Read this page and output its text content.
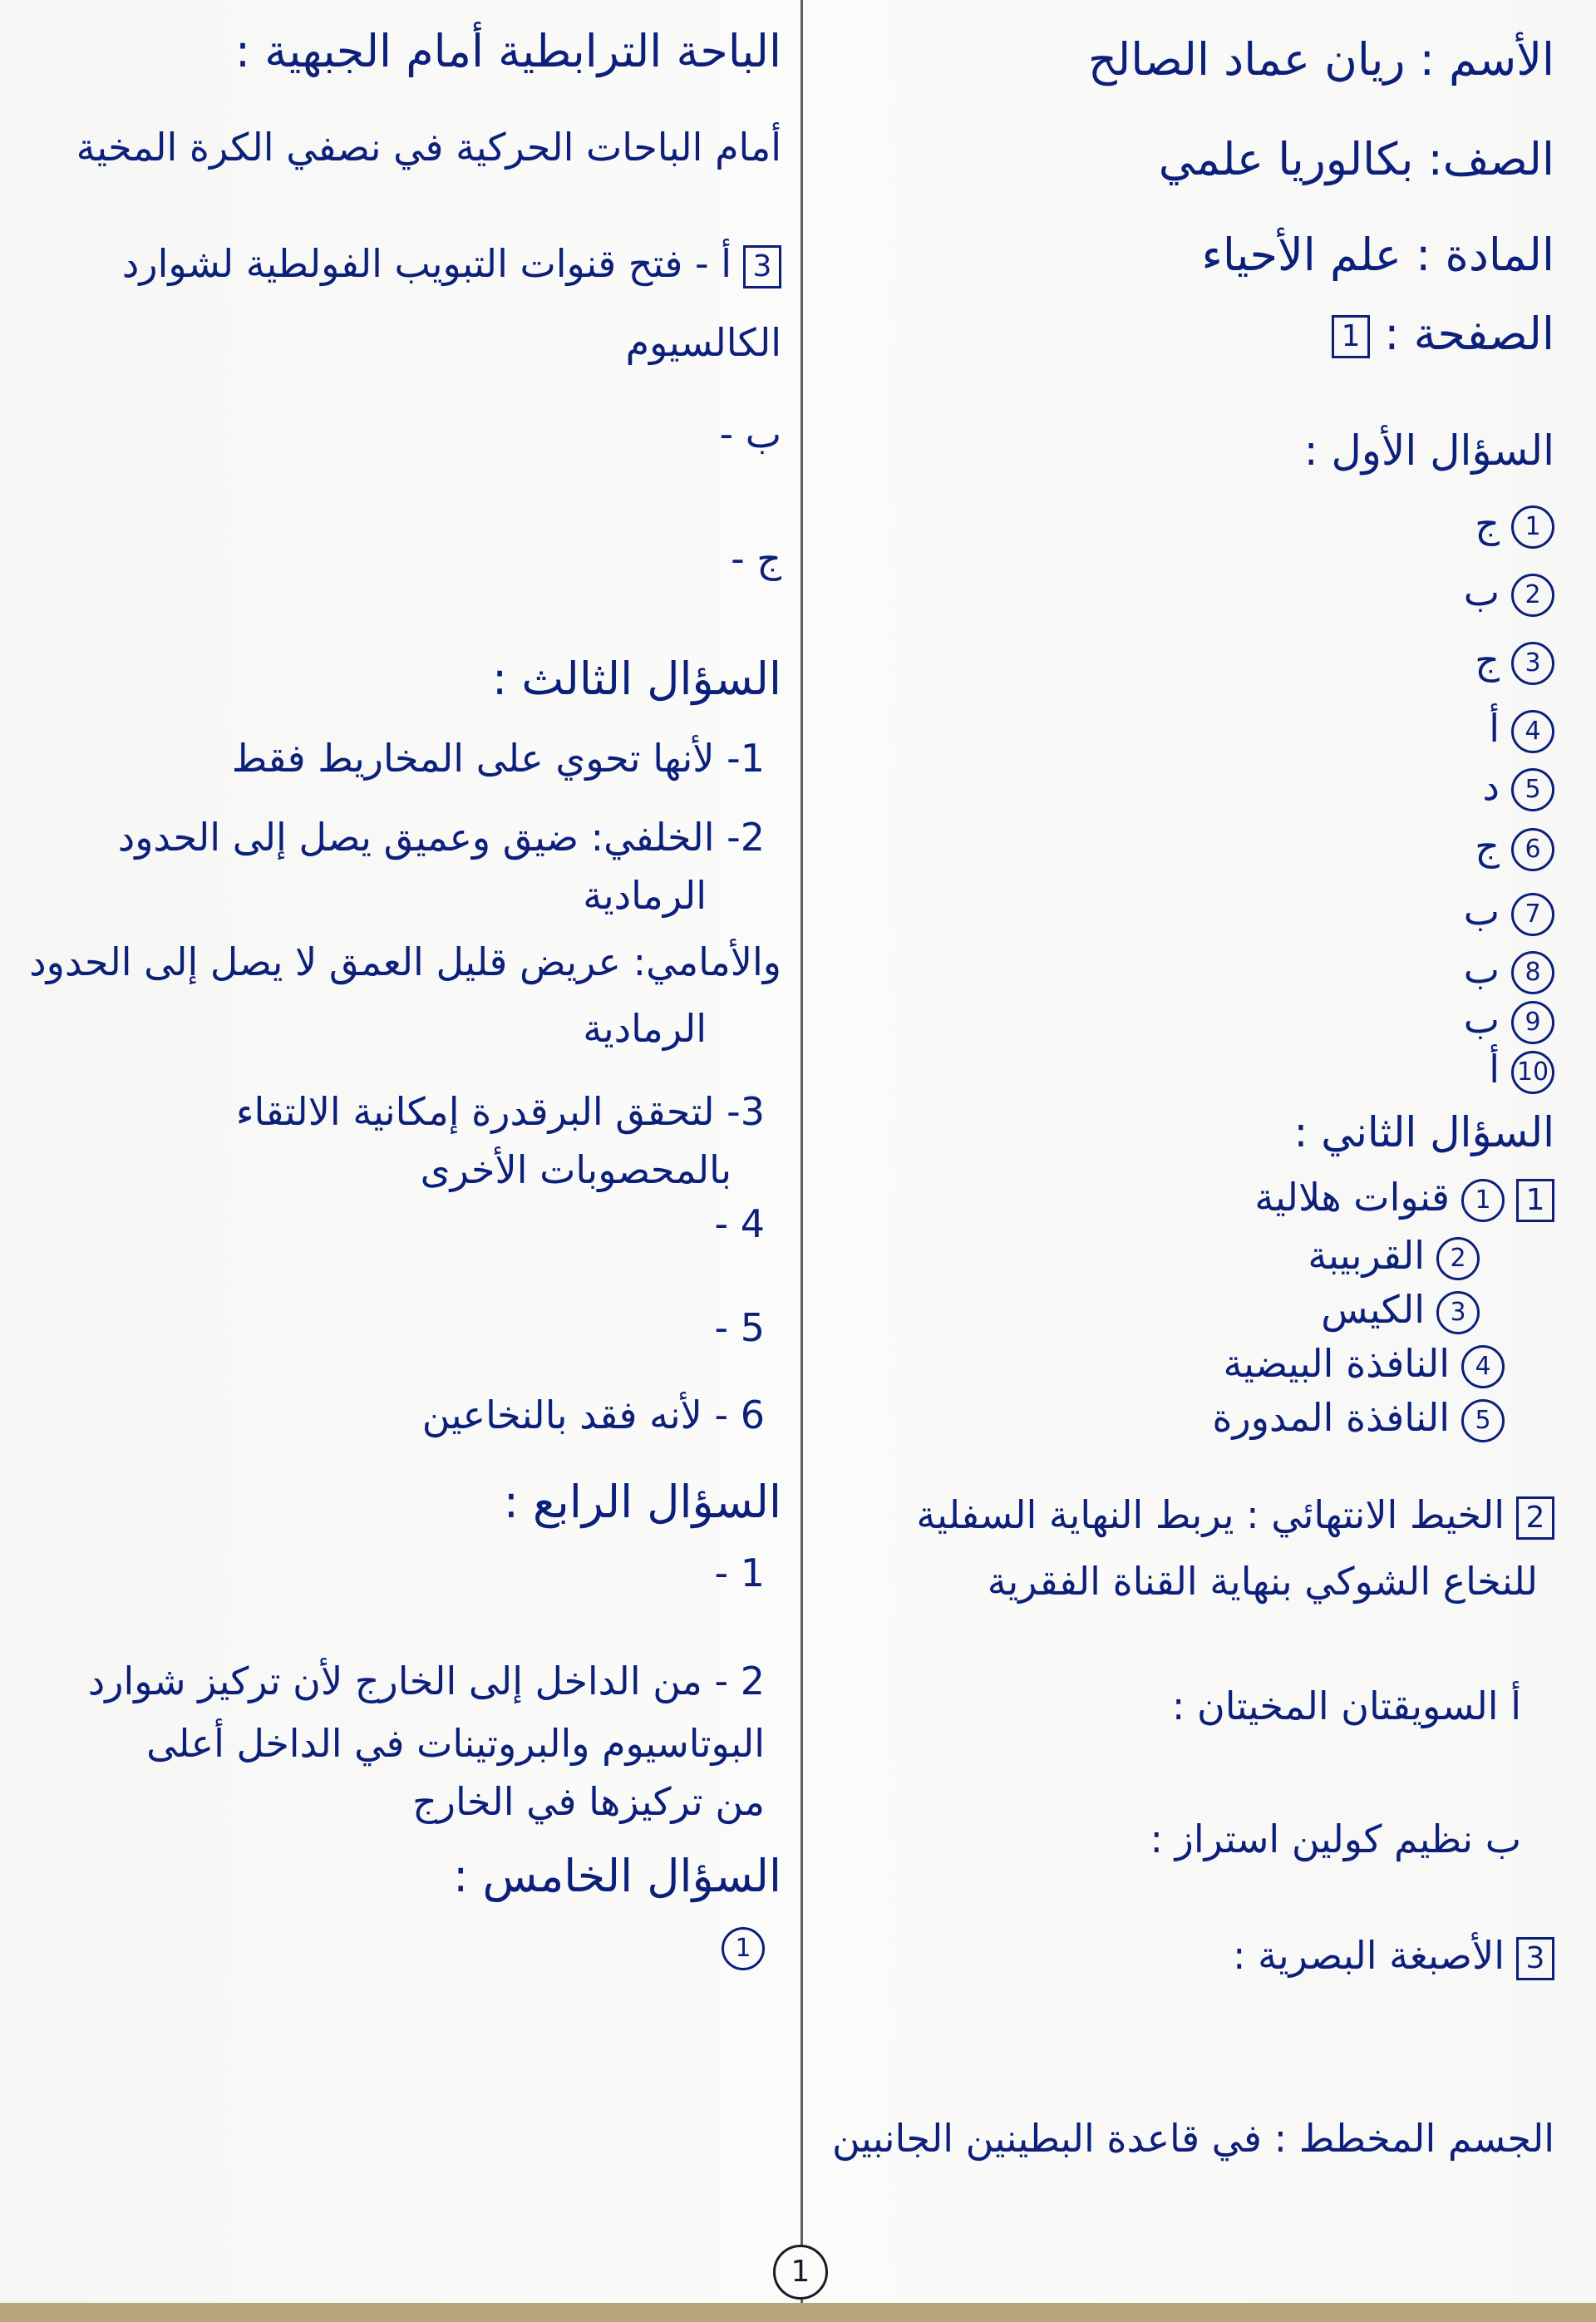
الأسم : ريان عماد الصالح
الصف: بكالوريا علمي
المادة : علم الأحياء
الصفحة : 1
السؤال الأول :
1ج
2ب
3ج
4أ
5د
6ج
7ب
8ب
9ب
10أ
السؤال الثاني :
11قنوات هلالية
2القربيبة
3الكيس
4النافذة البيضية
5النافذة المدورة
2الخيط الانتهائي : يربط النهاية السفلية
للنخاع الشوكي بنهاية القناة الفقرية
أ السويقتان المخيتان :
ب نظيم كولين استراز :
3الأصبغة البصرية :
الجسم المخطط : في قاعدة البطينين الجانبين
الباحة الترابطية أمام الجبهية :
أمام الباحات الحركية في نصفي الكرة المخية
3أ - فتح قنوات التبويب الفولطية لشوارد
الكالسيوم
ب -
ج -
السؤال الثالث :
1- لأنها تحوي على المخاريط فقط
2- الخلفي: ضيق وعميق يصل إلى الحدود
الرمادية
والأمامي: عريض قليل العمق لا يصل إلى الحدود
الرمادية
3- لتحقق البرقدرة إمكانية الالتقاء
بالمحصوبات الأخرى
4 -
5 -
6 - لأنه فقد بالنخاعين
السؤال الرابع :
1 -
2 - من الداخل إلى الخارج لأن تركيز شوارد
البوتاسيوم والبروتينات في الداخل أعلى
من تركيزها في الخارج
السؤال الخامس :
1
1
